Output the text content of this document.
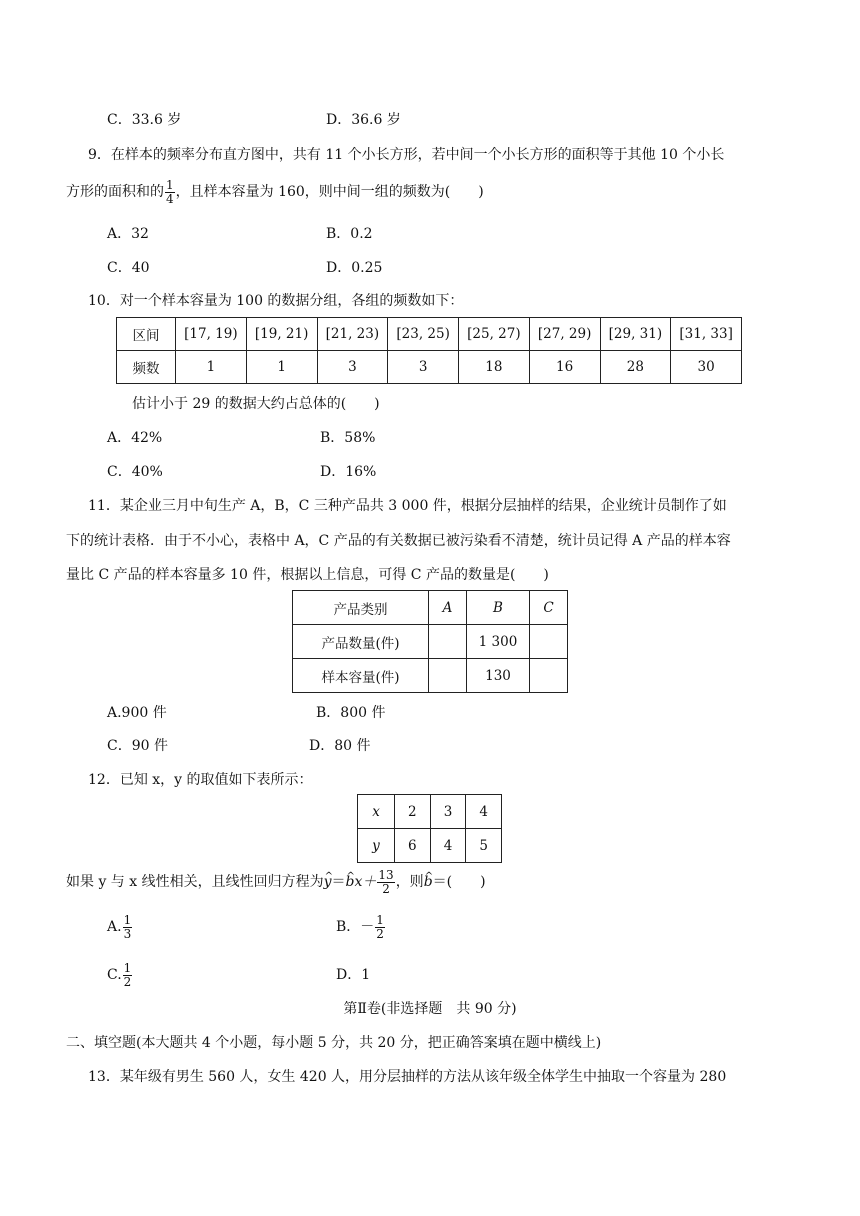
C．33.6 岁	D．36.6 岁
9．在样本的频率分布直方图中，共有 11 个小长方形，若中间一个小长方形的面积等于其他 10 个小长
方形的面积和的 $\frac{1}{4}$ ，且样本容量为 160，则中间一组的频数为(　　)
A．32	B．0.2
C．40	D．0.25
10．对一个样本容量为 100 的数据分组，各组的频数如下：
区间	[17, 19)	[19, 21)	[21, 23)	[23, 25)	[25, 27)	[27, 29)	[29, 31)	[31, 33]
频数	1	1	3	3	18	16	28	30
估计小于 29 的数据大约占总体的(　　)
A．42%	B．58%
C．40%	D．16%
11．某企业三月中旬生产 A，B，C 三种产品共 3 000 件，根据分层抽样的结果，企业统计员制作了如
下的统计表格．由于不小心，表格中 A，C 产品的有关数据已被污染看不清楚，统计员记得 A 产品的样本容
量比 C 产品的样本容量多 10 件，根据以上信息，可得 C 产品的数量是(　　)
产品类别	A	B	C
产品数量(件)		1 300	
样本容量(件)		130	
A.900 件	B．800 件
C．90 件	D．80 件
12．已知 x，y 的取值如下表所示：
x	2	3	4
y	6	4	5
如果 y 与 x 线性相关，且线性回归方程为^ y＝^ $bx+ \frac{13}{2}$ ，则^ b＝(　　)
A. $\frac{1}{3}$	B．－ $\frac{1}{2}$
C. $\frac{1}{2}$	D．1
第Ⅱ卷(非选择题　共 90 分)
二、填空题(本大题共 4 个小题，每小题 5 分，共 20 分，把正确答案填在题中横线上)
13．某年级有男生 560 人，女生 420 人，用分层抽样的方法从该年级全体学生中抽取一个容量为 280
